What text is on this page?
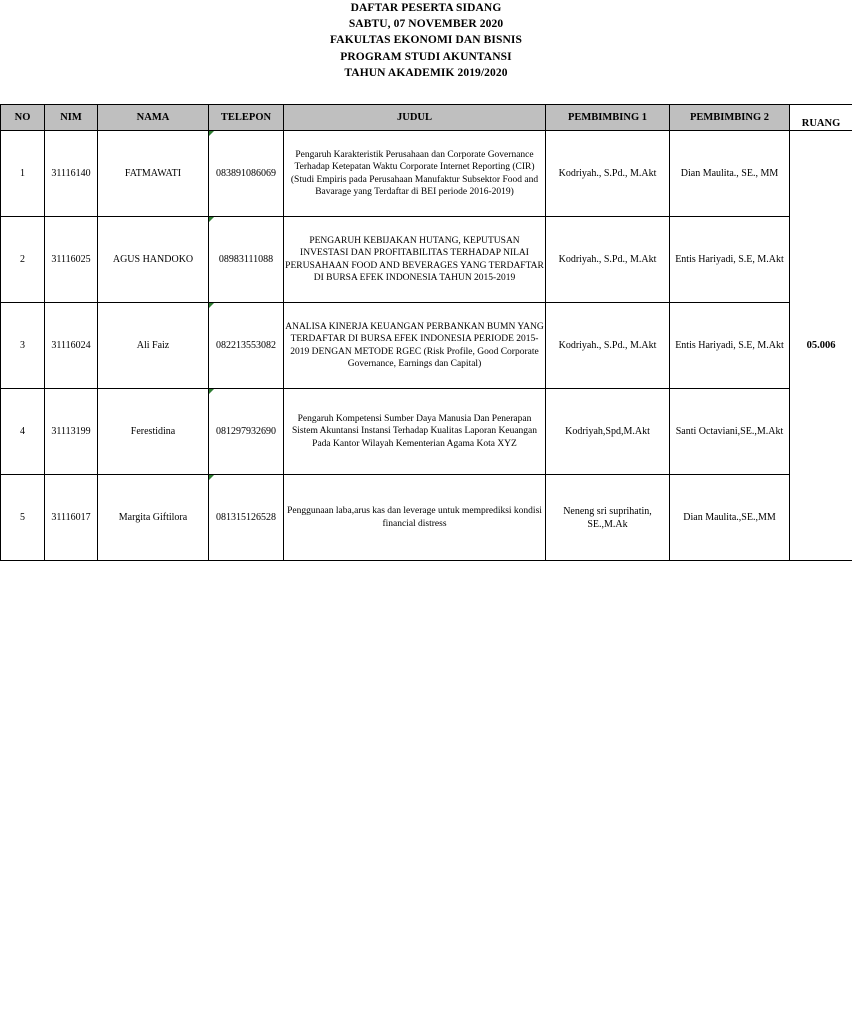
DAFTAR PESERTA SIDANG
SABTU, 07 NOVEMBER 2020
FAKULTAS EKONOMI DAN BISNIS
PROGRAM STUDI AKUNTANSI
TAHUN AKADEMIK 2019/2020
NO	NIM	NAMA	TELEPON	JUDUL	PEMBIMBING 1	PEMBIMBING 2	RUANG
1	31116140	FATMAWATI	083891086069	Pengaruh Karakteristik Perusahaan dan Corporate Governance Terhadap Ketepatan Waktu Corporate Internet Reporting (CIR) (Studi Empiris pada Perusahaan Manufaktur Subsektor Food and Bavarage yang Terdaftar di BEI periode 2016-2019)	Kodriyah., S.Pd., M.Akt	Dian Maulita., SE., MM	05.006
2	31116025	AGUS HANDOKO	08983111088	PENGARUH KEBIJAKAN HUTANG, KEPUTUSAN INVESTASI DAN PROFITABILITAS TERHADAP NILAI PERUSAHAAN FOOD AND BEVERAGES YANG TERDAFTAR DI BURSA EFEK INDONESIA TAHUN 2015-2019	Kodriyah., S.Pd., M.Akt	Entis Hariyadi, S.E, M.Akt	
3	31116024	Ali Faiz	082213553082	ANALISA KINERJA KEUANGAN PERBANKAN BUMN YANG TERDAFTAR DI BURSA EFEK INDONESIA PERIODE 2015-2019 DENGAN METODE RGEC (Risk Profile, Good Corporate Governance, Earnings dan Capital)	Kodriyah., S.Pd., M.Akt	Entis Hariyadi, S.E, M.Akt	
4	31113199	Ferestidina	081297932690	Pengaruh Kompetensi Sumber Daya Manusia Dan Penerapan Sistem Akuntansi Instansi Terhadap Kualitas Laporan Keuangan Pada Kantor Wilayah Kementerian Agama Kota XYZ	Kodriyah,Spd,M.Akt	Santi Octaviani,SE.,M.Akt	
5	31116017	Margita Giftilora	081315126528	Penggunaan laba,arus kas dan leverage untuk memprediksi kondisi financial distress	Neneng sri suprihatin, SE.,M.Ak	Dian Maulita.,SE.,MM	
